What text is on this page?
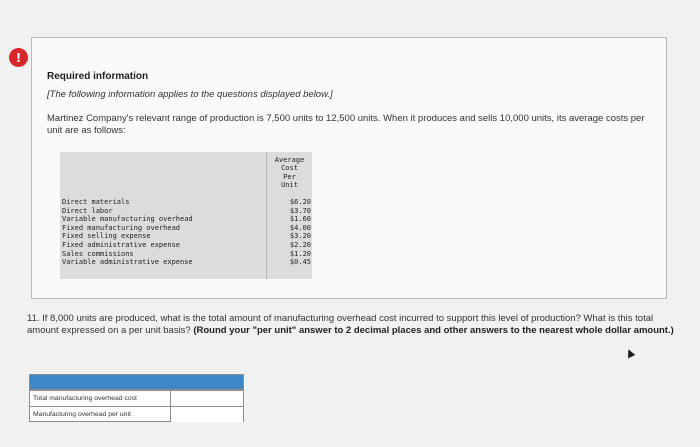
!
Required information
[The following information applies to the questions displayed below.]
Martinez Company's relevant range of production is 7,500 units to 12,500 units. When it produces and sells 10,000 units, its average costs per unit are as follows:
Average
Cost
Per
Unit
Direct materials
Direct labor
Variable manufacturing overhead
Fixed manufacturing overhead
Fixed selling expense
Fixed administrative expense
Sales commissions
Variable administrative expense
$6.20
$3.70
$1.60
$4.00
$3.20
$2.20
$1.20
$0.45
11. If 8,000 units are produced, what is the total amount of manufacturing overhead cost incurred to support this level of production? What is this total amount expressed on a per unit basis? (Round your "per unit" answer to 2 decimal places and other answers to the nearest whole dollar amount.)
Total manufacturing overhead cost
Manufacturing overhead per unit
